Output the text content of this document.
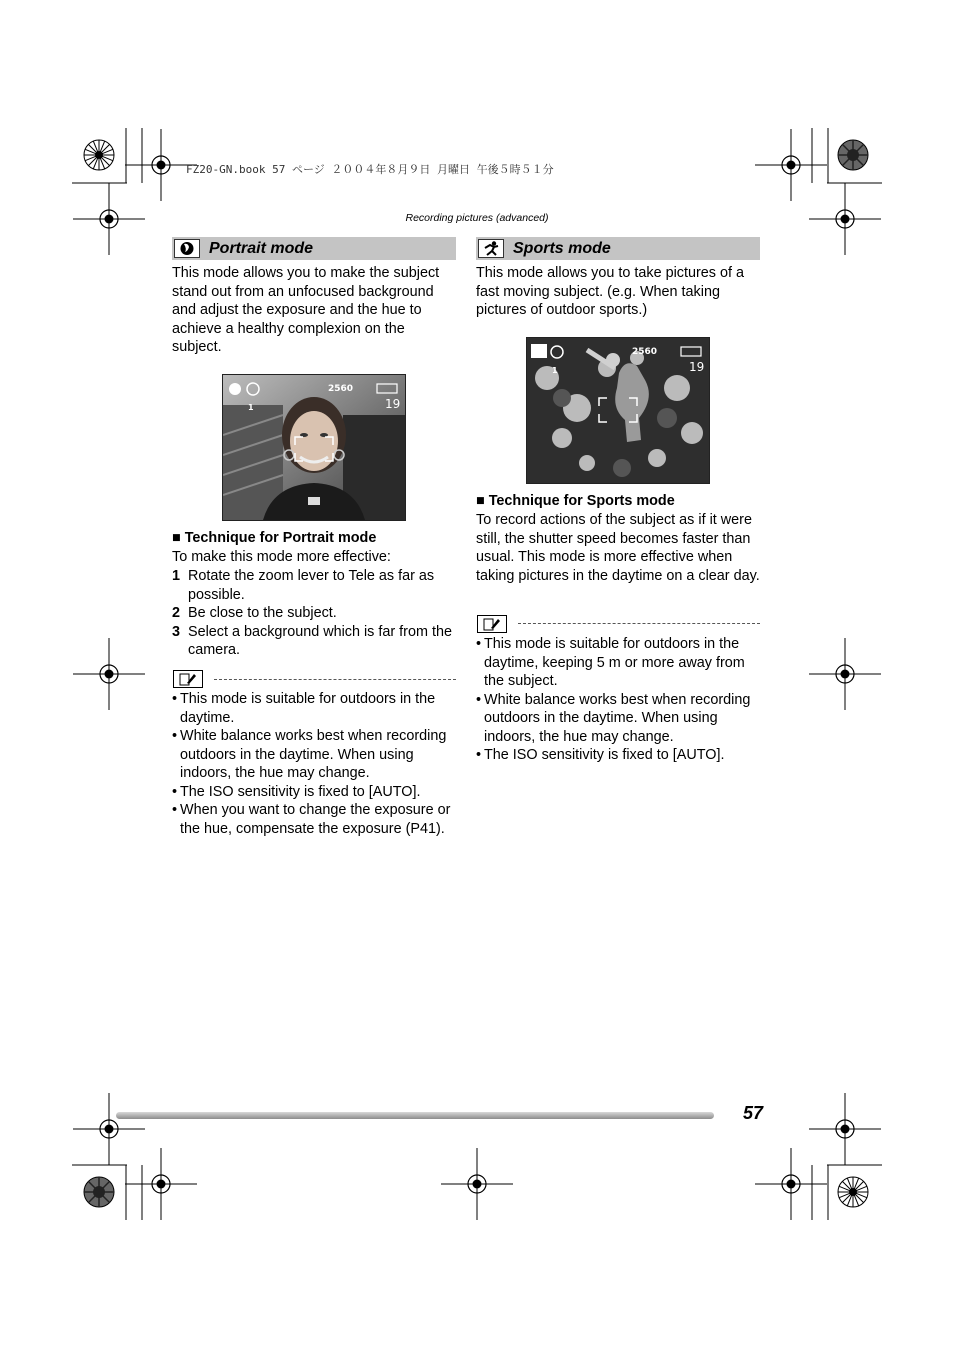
FZ20-GN.book 57 ページ ２００４年８月９日 月曜日 午後５時５１分
Recording pictures (advanced)
Portrait mode
This mode allows you to make the subject stand out from an unfocused background and adjust the exposure and the hue to achieve a healthy complexion on the subject.
2560
19
1
■ Technique for Portrait mode
To make this mode more effective:
1 Rotate the zoom lever to Tele as far as possible.
2 Be close to the subject.
3 Select a background which is far from the camera.
• This mode is suitable for outdoors in the daytime.
• White balance works best when recording outdoors in the daytime. When using indoors, the hue may change.
• The ISO sensitivity is fixed to [AUTO].
• When you want to change the exposure or the hue, compensate the exposure (P41).
Sports mode
This mode allows you to take pictures of a fast moving subject. (e.g. When taking pictures of outdoor sports.)
2560
19
1
■ Technique for Sports mode
To record actions of the subject as if it were still, the shutter speed becomes faster than usual. This mode is more effective when taking pictures in the daytime on a clear day.
• This mode is suitable for outdoors in the daytime, keeping 5 m or more away from the subject.
• White balance works best when recording outdoors in the daytime. When using indoors, the hue may change.
• The ISO sensitivity is fixed to [AUTO].
57
